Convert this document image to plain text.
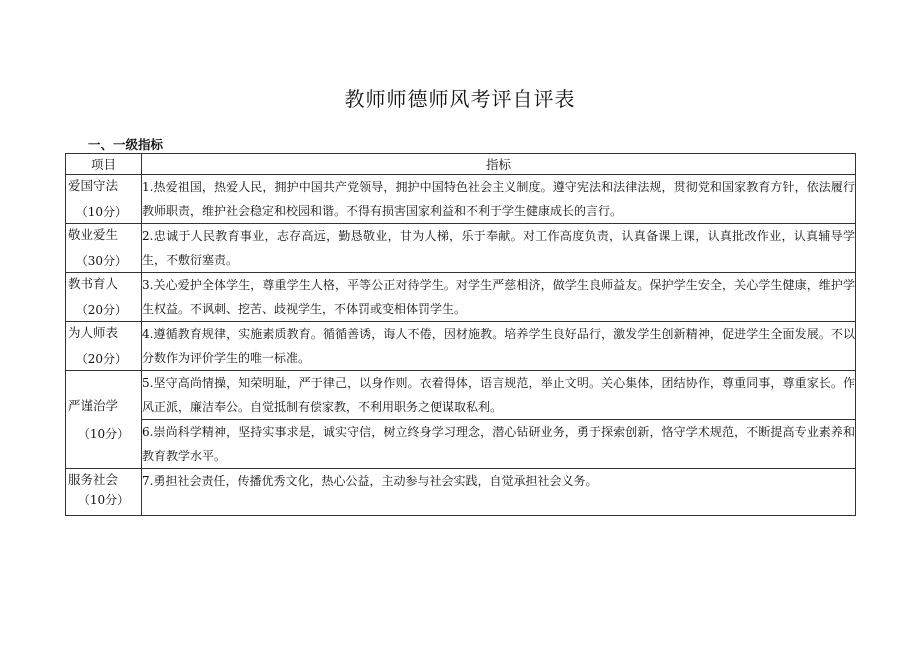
教师师德师风考评自评表
一、一级指标
项目	指标

爱国守法
（10分）	1.热爱祖国，热爱人民，拥护中国共产党领导，拥护中国特色社会主义制度。遵守宪法和法律法规，贯彻党和国家教育方针，依法履行教师职责，维护社会稳定和校园和谐。不得有损害国家利益和不利于学生健康成长的言行。

敬业爱生
（30分）	2.忠诚于人民教育事业，志存高远，勤恳敬业，甘为人梯，乐于奉献。对工作高度负责，认真备课上课，认真批改作业，认真辅导学生，不敷衍塞责。

教书育人
（20分）	3.关心爱护全体学生，尊重学生人格，平等公正对待学生。对学生严慈相济，做学生良师益友。保护学生安全，关心学生健康，维护学生权益。不讽刺、挖苦、歧视学生，不体罚或变相体罚学生。

为人师表
（20分）	4.遵循教育规律，实施素质教育。循循善诱，诲人不倦，因材施教。培养学生良好品行，激发学生创新精神，促进学生全面发展。不以分数作为评价学生的唯一标准。

严谨治学
（10分）	5.坚守高尚情操，知荣明耻，严于律己，以身作则。衣着得体，语言规范，举止文明。关心集体，团结协作，尊重同事，尊重家长。作风正派，廉洁奉公。自觉抵制有偿家教，不利用职务之便谋取私利。
	6.崇尚科学精神，坚持实事求是，诚实守信，树立终身学习理念，潜心钻研业务，勇于探索创新，恪守学术规范，不断提高专业素养和教育教学水平。

服务社会
（10分）	7.勇担社会责任，传播优秀文化，热心公益，主动参与社会实践，自觉承担社会义务。
